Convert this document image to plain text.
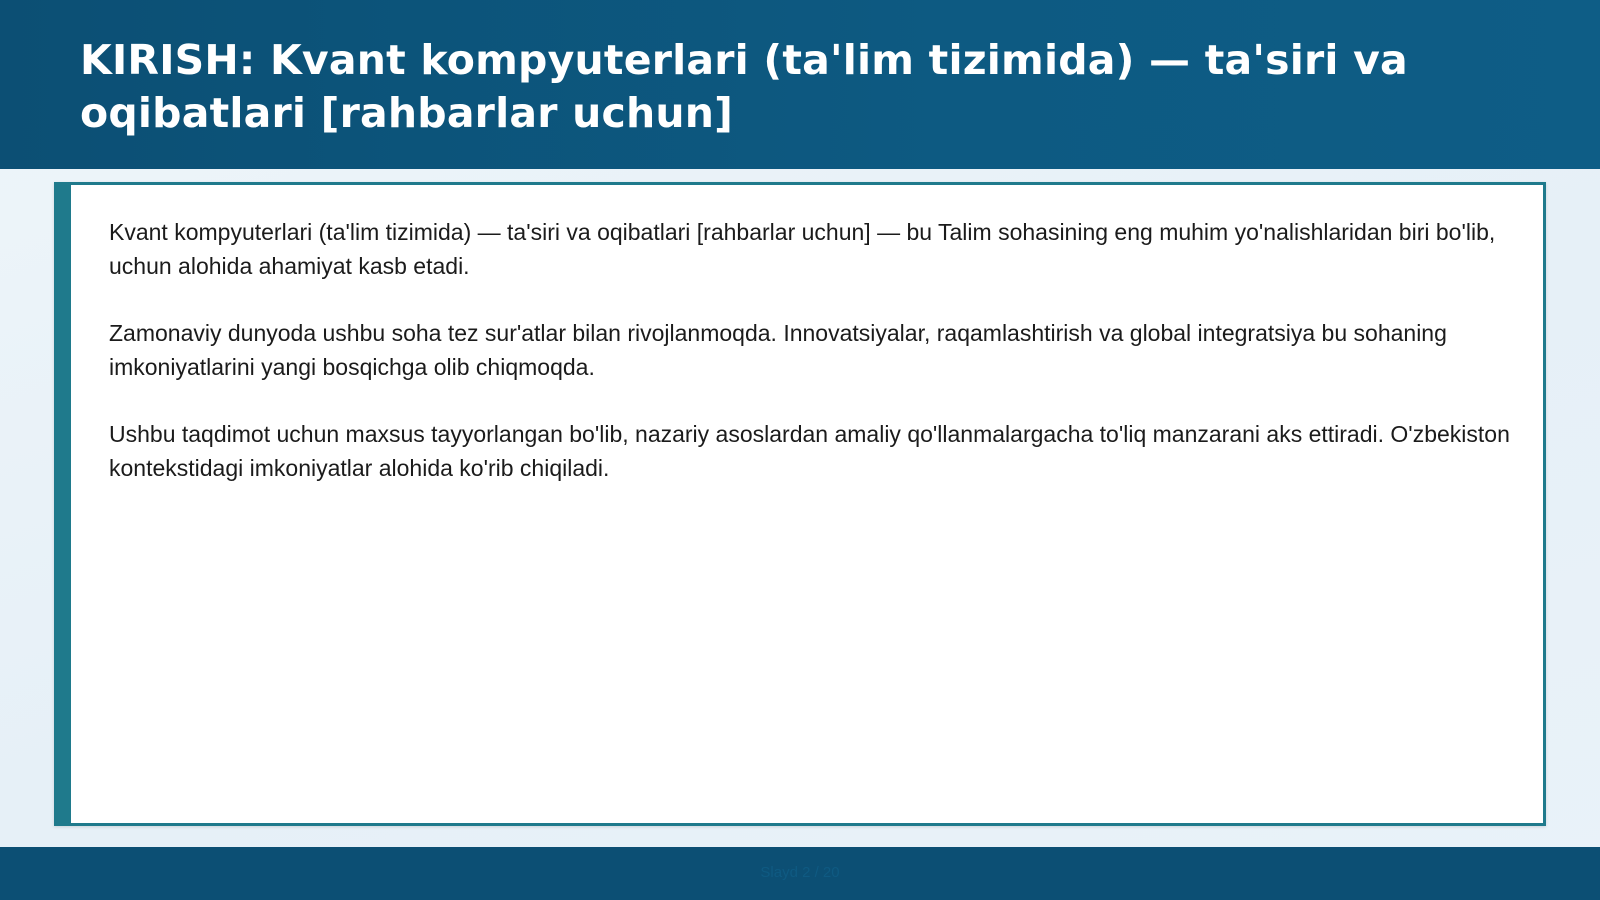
KIRISH: Kvant kompyuterlari (ta'lim tizimida) — ta'siri va oqibatlari [rahbarlar uchun]

Kvant kompyuterlari (ta'lim tizimida) — ta'siri va oqibatlari [rahbarlar uchun] — bu Talim sohasining eng muhim yo'nalishlaridan biri bo'lib, uchun alohida ahamiyat kasb etadi.

Zamonaviy dunyoda ushbu soha tez sur'atlar bilan rivojlanmoqda. Innovatsiyalar, raqamlashtirish va global integratsiya bu sohaning imkoniyatlarini yangi bosqichga olib chiqmoqda.

Ushbu taqdimot uchun maxsus tayyorlangan bo'lib, nazariy asoslardan amaliy qo'llanmalargacha to'liq manzarani aks ettiradi. O'zbekiston kontekstidagi imkoniyatlar alohida ko'rib chiqiladi.

Slayd 2 / 20
